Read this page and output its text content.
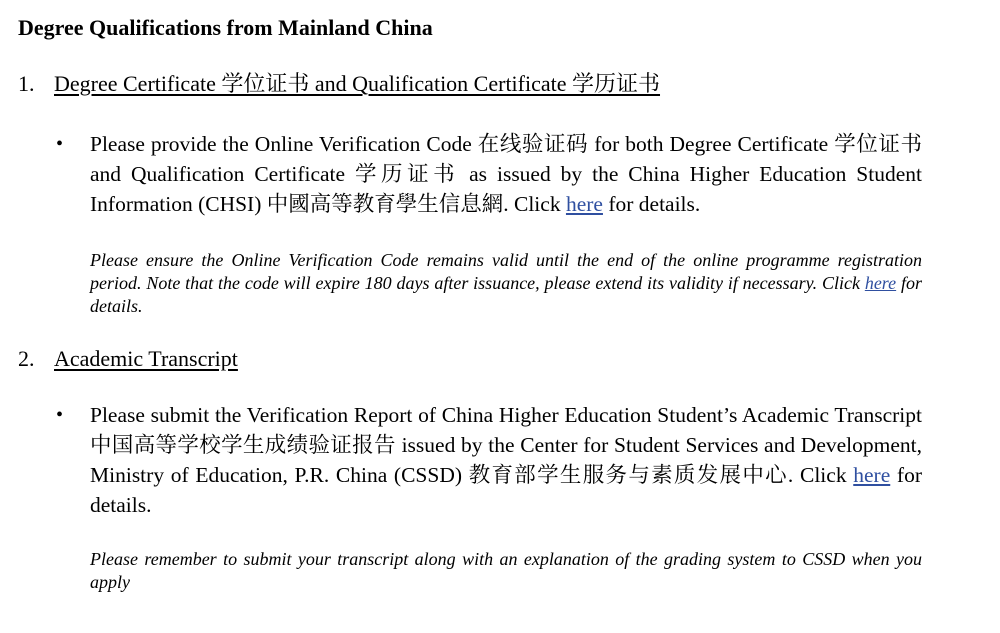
Degree Qualifications from Mainland China
1. Degree Certificate 学位证书 and Qualification Certificate 学历证书
• Please provide the Online Verification Code 在线验证码 for both Degree Certificate 学位证书 and Qualification Certificate 学历证书 as issued by the China Higher Education Student Information (CHSI) 中國高等教育學生信息網. Click here for details.
Please ensure the Online Verification Code remains valid until the end of the online programme registration period. Note that the code will expire 180 days after issuance, please extend its validity if necessary. Click here for details.
2. Academic Transcript
• Please submit the Verification Report of China Higher Education Student’s Academic Transcript 中国高等学校学生成绩验证报告 issued by the Center for Student Services and Development, Ministry of Education, P.R. China (CSSD) 教育部学生服务与素质发展中心. Click here for details.
Please remember to submit your transcript along with an explanation of the grading system to CSSD when you apply
